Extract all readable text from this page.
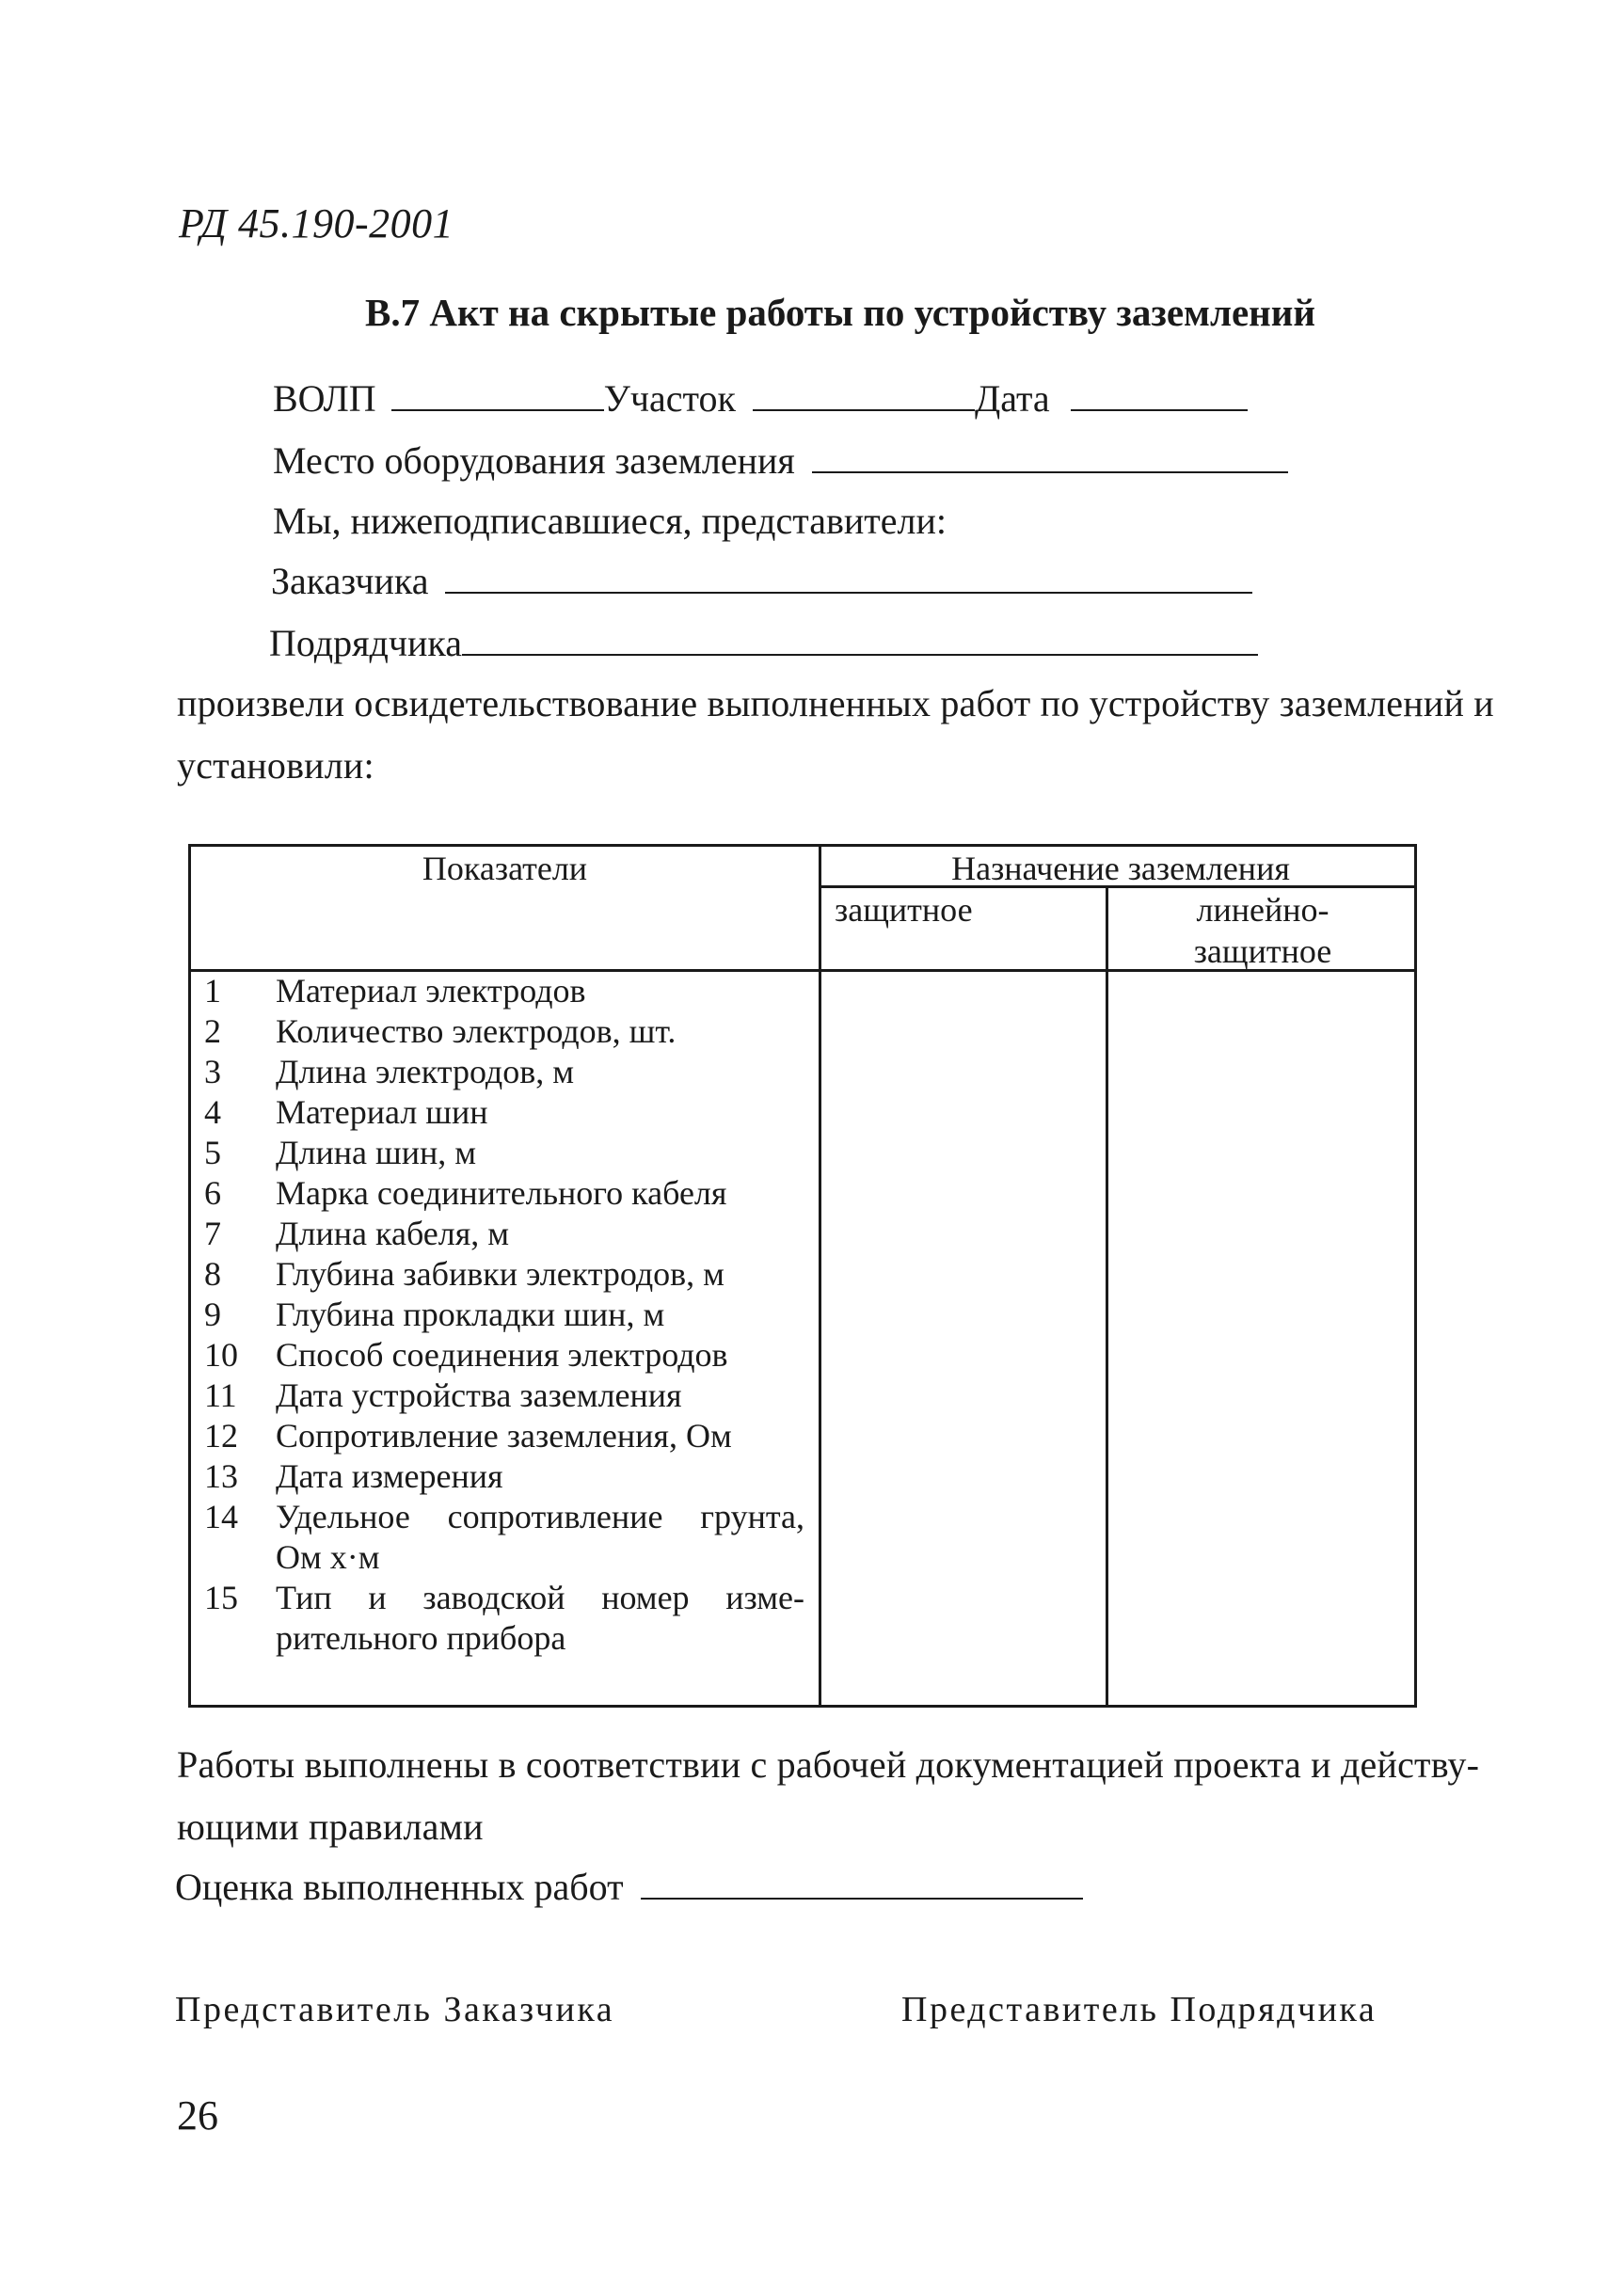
РД 45.190-2001
В.7 Акт на скрытые работы по устройству заземлений
ВОЛП	Участок	Дата
Место оборудования заземления
Мы, нижеподписавшиеся, представители:
Заказчика
Подрядчика
произвели освидетельствование выполненных работ по устройству заземлений и
установили:
Показатели	Назначение заземления
защитное	линейно-
защитное
1 Материал электродов
2 Количество электродов, шт.
3 Длина электродов, м
4 Материал шин
5 Длина шин, м
6 Марка соединительного кабеля
7 Длина кабеля, м
8 Глубина забивки электродов, м
9 Глубина прокладки шин, м
10 Способ соединения электродов
11 Дата устройства заземления
12 Сопротивление заземления, Ом
13 Дата измерения
14 Удельное сопротивление грунта,
Ом х·м
15 Тип и заводской номер изме-
рительного прибора
Работы выполнены в соответствии с рабочей документацией проекта и действу-
ющими правилами
Оценка выполненных работ
Представитель Заказчика	Представитель Подрядчика
26
